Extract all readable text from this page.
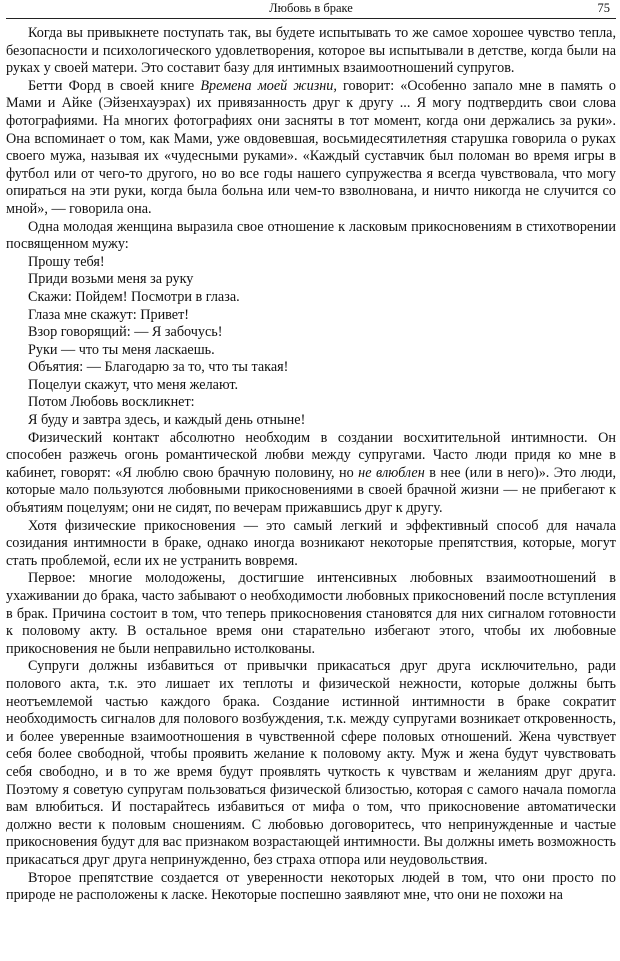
Любовь в браке	75

Когда вы привыкнете поступать так, вы будете испытывать то же самое хорошее чувство тепла, безопасности и психологического удовлетворения, которое вы испытывали в детстве, когда были на руках у своей матери. Это составит базу для интимных взаимоотношений супругов.

Бетти Форд в своей книге Времена моей жизни, говорит: «Особенно запало мне в память о Мами и Айке (Эйзенхауэрах) их привязанность друг к другу ... Я могу подтвердить свои слова фотографиями. На многих фотографиях они засняты в тот момент, когда они держались за руки». Она вспоминает о том, как Мами, уже овдовевшая, восьмидесятилетняя старушка говорила о руках своего мужа, называя их «чудесными руками». «Каждый суставчик был поломан во время игры в футбол или от чего-то другого, но во все годы нашего супружества я всегда чувствовала, что могу опираться на эти руки, когда была больна или чем-то взволнована, и ничто никогда не случится со мной», — говорила она.

Одна молодая женщина выразила свое отношение к ласковым прикосновениям в стихотворении посвященном мужу:

Прошу тебя!
Приди возьми меня за руку
Скажи: Пойдем! Посмотри в глаза.
Глаза мне скажут: Привет!
Взор говорящий: — Я забочусь!
Руки — что ты меня ласкаешь.
Объятия: — Благодарю за то, что ты такая!
Поцелуи скажут, что меня желают.
Потом Любовь воскликнет:
Я буду и завтра здесь, и каждый день отныне!

Физический контакт абсолютно необходим в создании восхитительной интимности. Он способен разжечь огонь романтической любви между супругами. Часто люди придя ко мне в кабинет, говорят: «Я люблю свою брачную половину, но не влюблен в нее (или в него)». Это люди, которые мало пользуются любовными прикосновениями в своей брачной жизни — не прибегают к объятиям поцелуям; они не сидят, по вечерам прижавшись друг к другу.

Хотя физические прикосновения — это самый легкий и эффективный способ для начала созидания интимности в браке, однако иногда возникают некоторые препятствия, которые, могут стать проблемой, если их не устранить вовремя.

Первое: многие молодожены, достигшие интенсивных любовных взаимоотношений в ухаживании до брака, часто забывают о необходимости любовных прикосновений после вступления в брак. Причина состоит в том, что теперь прикосновения становятся для них сигналом готовности к половому акту. В остальное время они старательно избегают этого, чтобы их любовные прикосновения не были неправильно истолкованы.

Супруги должны избавиться от привычки прикасаться друг друга исключительно, ради полового акта, т.к. это лишает их теплоты и физической нежности, которые должны быть неотъемлемой частью каждого брака. Создание истинной интимности в браке сократит необходимость сигналов для полового возбуждения, т.к. между супругами возникает откровенность, и более уверенные взаимоотношения в чувственной сфере половых отношений. Жена чувствует себя более свободной, чтобы проявить желание к половому акту. Муж и жена будут чувствовать себя свободно, и в то же время будут проявлять чуткость к чувствам и желаниям друг друга. Поэтому я советую супругам пользоваться физической близостью, которая с самого начала помогла вам влюбиться. И постарайтесь избавиться от мифа о том, что прикосновение автоматически должно вести к половым сношениям. С любовью договоритесь, что непринужденные и частые прикосновения будут для вас признаком возрастающей интимности. Вы должны иметь возможность прикасаться друг друга непринужденно, без страха отпора или неудовольствия.

Второе препятствие создается от уверенности некоторых людей в том, что они просто по природе не расположены к ласке. Некоторые поспешно заявляют мне, что они не похожи на
